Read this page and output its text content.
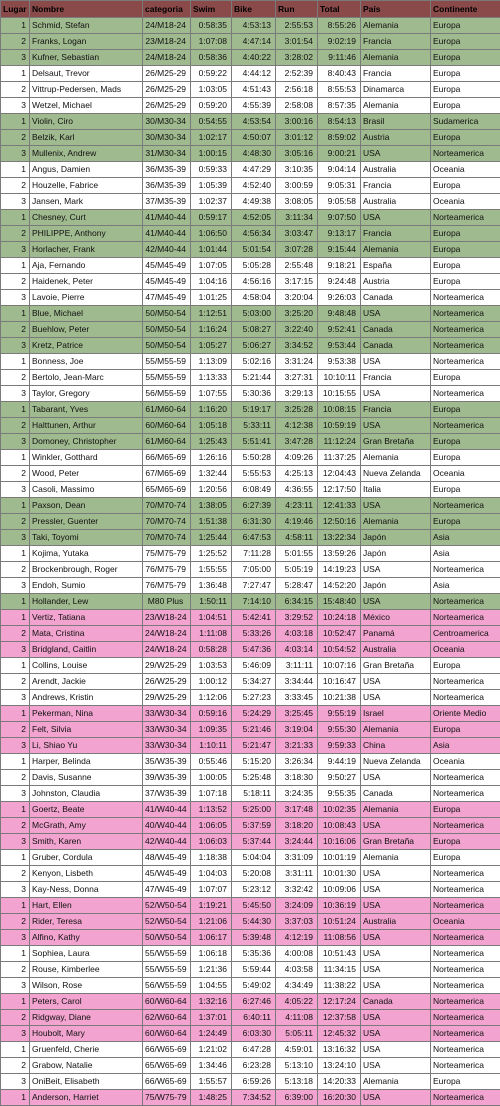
Lugar	Nombre	categoria	Swim	Bike	Run	Total	País	Continente
1	Schmid, Stefan	24/M18-24	0:58:35	4:53:13	2:55:53	8:55:26	Alemania	Europa
2	Franks, Logan	23/M18-24	1:07:08	4:47:14	3:01:54	9:02:19	Francia	Europa
3	Kufner, Sebastian	24/M18-24	0:58:36	4:40:22	3:28:02	9:11:46	Alemania	Europa
1	Delsaut, Trevor	26/M25-29	0:59:22	4:44:12	2:52:39	8:40:43	Francia	Europa
2	Vittrup-Pedersen, Mads	26/M25-29	1:03:05	4:51:43	2:56:18	8:55:53	Dinamarca	Europa
3	Wetzel, Michael	26/M25-29	0:59:20	4:55:39	2:58:08	8:57:35	Alemania	Europa
1	Violin, Ciro	30/M30-34	0:54:55	4:53:54	3:00:16	8:54:13	Brasil	Sudamerica
2	Belzik, Karl	30/M30-34	1:02:17	4:50:07	3:01:12	8:59:02	Austria	Europa
3	Mullenix, Andrew	31/M30-34	1:00:15	4:48:30	3:05:16	9:00:21	USA	Norteamerica
1	Angus, Damien	36/M35-39	0:59:33	4:47:29	3:10:35	9:04:14	Australia	Oceania
2	Houzelle, Fabrice	36/M35-39	1:05:39	4:52:40	3:00:59	9:05:31	Francia	Europa
3	Jansen, Mark	37/M35-39	1:02:37	4:49:38	3:08:05	9:05:58	Australia	Oceania
1	Chesney, Curt	41/M40-44	0:59:17	4:52:05	3:11:34	9:07:50	USA	Norteamerica
2	PHILIPPE, Anthony	41/M40-44	1:06:50	4:56:34	3:03:47	9:13:17	Francia	Europa
3	Horlacher, Frank	42/M40-44	1:01:44	5:01:54	3:07:28	9:15:44	Alemania	Europa
1	Aja, Fernando	45/M45-49	1:07:05	5:05:28	2:55:48	9:18:21	España	Europa
2	Haidenek, Peter	45/M45-49	1:04:16	4:56:16	3:17:15	9:24:48	Austria	Europa
3	Lavoie, Pierre	47/M45-49	1:01:25	4:58:04	3:20:04	9:26:03	Canada	Norteamerica
1	Blue, Michael	50/M50-54	1:12:51	5:03:00	3:25:20	9:48:48	USA	Norteamerica
2	Buehlow, Peter	50/M50-54	1:16:24	5:08:27	3:22:40	9:52:41	Canada	Norteamerica
3	Kretz, Patrice	50/M50-54	1:05:27	5:06:27	3:34:52	9:53:44	Canada	Norteamerica
1	Bonness, Joe	55/M55-59	1:13:09	5:02:16	3:31:24	9:53:38	USA	Norteamerica
2	Bertolo, Jean-Marc	55/M55-59	1:13:33	5:21:44	3:27:31	10:10:11	Francia	Europa
3	Taylor, Gregory	56/M55-59	1:07:55	5:30:36	3:29:13	10:15:55	USA	Norteamerica
1	Tabarant, Yves	61/M60-64	1:16:20	5:19:17	3:25:28	10:08:15	Francia	Europa
2	Halttunen, Arthur	60/M60-64	1:05:18	5:33:11	4:12:38	10:59:19	USA	Norteamerica
3	Domoney, Christopher	61/M60-64	1:25:43	5:51:41	3:47:28	11:12:24	Gran Bretaña	Europa
1	Winkler, Gotthard	66/M65-69	1:26:16	5:50:28	4:09:26	11:37:25	Alemania	Europa
2	Wood, Peter	67/M65-69	1:32:44	5:55:53	4:25:13	12:04:43	Nueva Zelanda	Oceania
3	Casoli, Massimo	65/M65-69	1:20:56	6:08:49	4:36:55	12:17:50	Italia	Europa
1	Paxson, Dean	70/M70-74	1:38:05	6:27:39	4:23:11	12:41:33	USA	Norteamerica
2	Pressler, Guenter	70/M70-74	1:51:38	6:31:30	4:19:46	12:50:16	Alemania	Europa
3	Taki, Toyomi	70/M70-74	1:25:44	6:47:53	4:58:11	13:22:34	Japón	Asia
1	Kojima, Yutaka	75/M75-79	1:25:52	7:11:28	5:01:55	13:59:26	Japón	Asia
2	Brockenbrough, Roger	76/M75-79	1:55:55	7:05:00	5:05:19	14:19:23	USA	Norteamerica
3	Endoh, Sumio	76/M75-79	1:36:48	7:27:47	5:28:47	14:52:20	Japón	Asia
1	Hollander, Lew	M80 Plus	1:50:11	7:14:10	6:34:15	15:48:40	USA	Norteamerica
1	Vertiz, Tatiana	23/W18-24	1:04:51	5:42:41	3:29:52	10:24:18	México	Norteamerica
2	Mata, Cristina	24/W18-24	1:11:08	5:33:26	4:03:18	10:52:47	Panamá	Centroamerica
3	Bridgland, Caitlin	24/W18-24	0:58:28	5:47:36	4:03:14	10:54:52	Australia	Oceania
1	Collins, Louise	29/W25-29	1:03:53	5:46:09	3:11:11	10:07:16	Gran Bretaña	Europa
2	Arendt, Jackie	26/W25-29	1:00:12	5:34:27	3:34:44	10:16:47	USA	Norteamerica
3	Andrews, Kristin	29/W25-29	1:12:06	5:27:23	3:33:45	10:21:38	USA	Norteamerica
1	Pekerman, Nina	33/W30-34	0:59:16	5:24:29	3:25:45	9:55:19	Israel	Oriente Medio
2	Felt, Silvia	33/W30-34	1:09:35	5:21:46	3:19:04	9:55:30	Alemania	Europa
3	Li, Shiao Yu	33/W30-34	1:10:11	5:21:47	3:21:33	9:59:33	China	Asia
1	Harper, Belinda	35/W35-39	0:55:46	5:15:20	3:26:34	9:44:19	Nueva Zelanda	Oceania
2	Davis, Susanne	39/W35-39	1:00:05	5:25:48	3:18:30	9:50:27	USA	Norteamerica
3	Johnston, Claudia	37/W35-39	1:07:18	5:18:11	3:24:35	9:55:35	Canada	Norteamerica
1	Goertz, Beate	41/W40-44	1:13:52	5:25:00	3:17:48	10:02:35	Alemania	Europa
2	McGrath, Amy	40/W40-44	1:06:05	5:37:59	3:18:20	10:08:43	USA	Norteamerica
3	Smith, Karen	42/W40-44	1:06:03	5:37:44	3:24:44	10:16:06	Gran Bretaña	Europa
1	Gruber, Cordula	48/W45-49	1:18:38	5:04:04	3:31:09	10:01:19	Alemania	Europa
2	Kenyon, Lisbeth	45/W45-49	1:04:03	5:20:08	3:31:11	10:01:30	USA	Norteamerica
3	Kay-Ness, Donna	47/W45-49	1:07:07	5:23:12	3:32:42	10:09:06	USA	Norteamerica
1	Hart, Ellen	52/W50-54	1:19:21	5:45:50	3:24:09	10:36:19	USA	Norteamerica
2	Rider, Teresa	52/W50-54	1:21:06	5:44:30	3:37:03	10:51:24	Australia	Oceania
3	Alfino, Kathy	50/W50-54	1:06:17	5:39:48	4:12:19	11:08:56	USA	Norteamerica
1	Sophiea, Laura	55/W55-59	1:06:18	5:35:36	4:00:08	10:51:43	USA	Norteamerica
2	Rouse, Kimberlee	55/W55-59	1:21:36	5:59:44	4:03:58	11:34:15	USA	Norteamerica
3	Wilson, Rose	56/W55-59	1:04:55	5:49:02	4:34:49	11:38:22	USA	Norteamerica
1	Peters, Carol	60/W60-64	1:32:16	6:27:46	4:05:22	12:17:24	Canada	Norteamerica
2	Ridgway, Diane	62/W60-64	1:37:01	6:40:11	4:11:08	12:37:58	USA	Norteamerica
3	Houbolt, Mary	60/W60-64	1:24:49	6:03:30	5:05:11	12:45:32	USA	Norteamerica
1	Gruenfeld, Cherie	66/W65-69	1:21:02	6:47:28	4:59:01	13:16:32	USA	Norteamerica
2	Grabow, Natalie	65/W65-69	1:34:46	6:23:28	5:13:10	13:24:10	USA	Norteamerica
3	OniBeit, Elisabeth	66/W65-69	1:55:57	6:59:26	5:13:18	14:20:33	Alemania	Europa
1	Anderson, Harriet	75/W75-79	1:48:25	7:34:52	6:39:00	16:20:30	USA	Norteamerica
